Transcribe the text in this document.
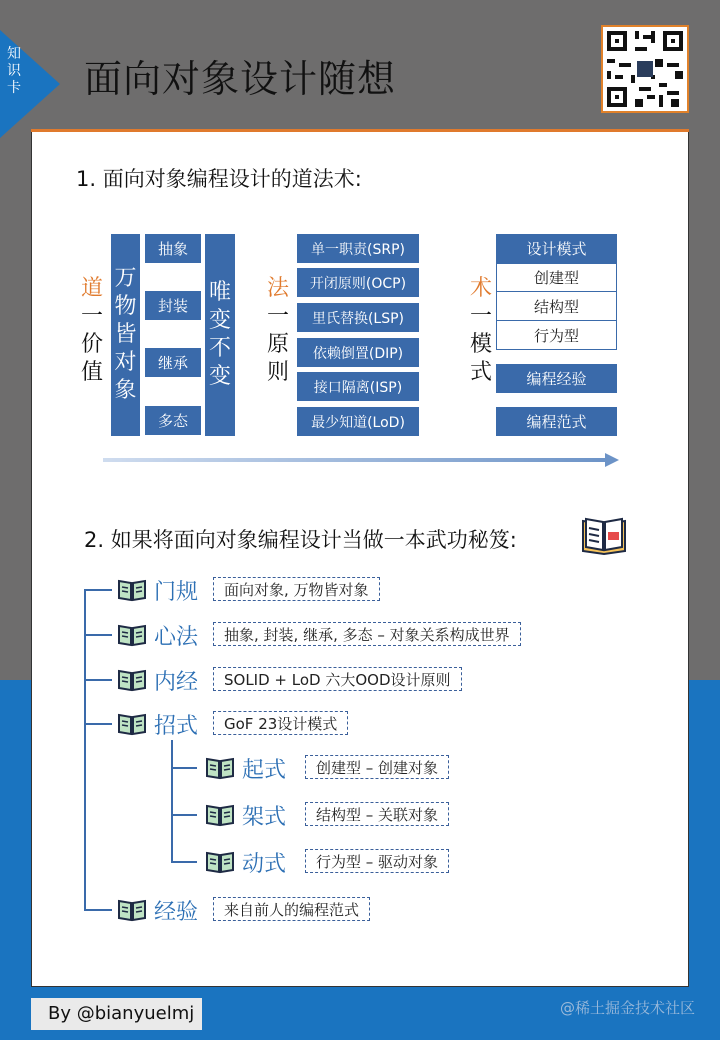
知
识
卡 面向对象设计随想
1. 面向对象编程设计的道法术:
道
一
价
值
万
物
皆
对
象
抽象
封装
继承
多态
唯
变
不
变
法
一
原
则
单一职责(SRP)
开闭原则(OCP)
里氏替换(LSP)
依赖倒置(DIP)
接口隔离(ISP)
最少知道(LoD)
术
一
模
式
设计模式
创建型
结构型
行为型
编程经验
编程范式
2. 如果将面向对象编程设计当做一本武功秘笈:
门规	面向对象, 万物皆对象
心法	抽象, 封装, 继承, 多态 – 对象关系构成世界
内经	SOLID + LoD 六大OOD设计原则
招式	GoF 23设计模式
起式	创建型 – 创建对象
架式	结构型 – 关联对象
动式	行为型 – 驱动对象
经验	来自前人的编程范式
By @bianyuelmj	@稀土掘金技术社区
